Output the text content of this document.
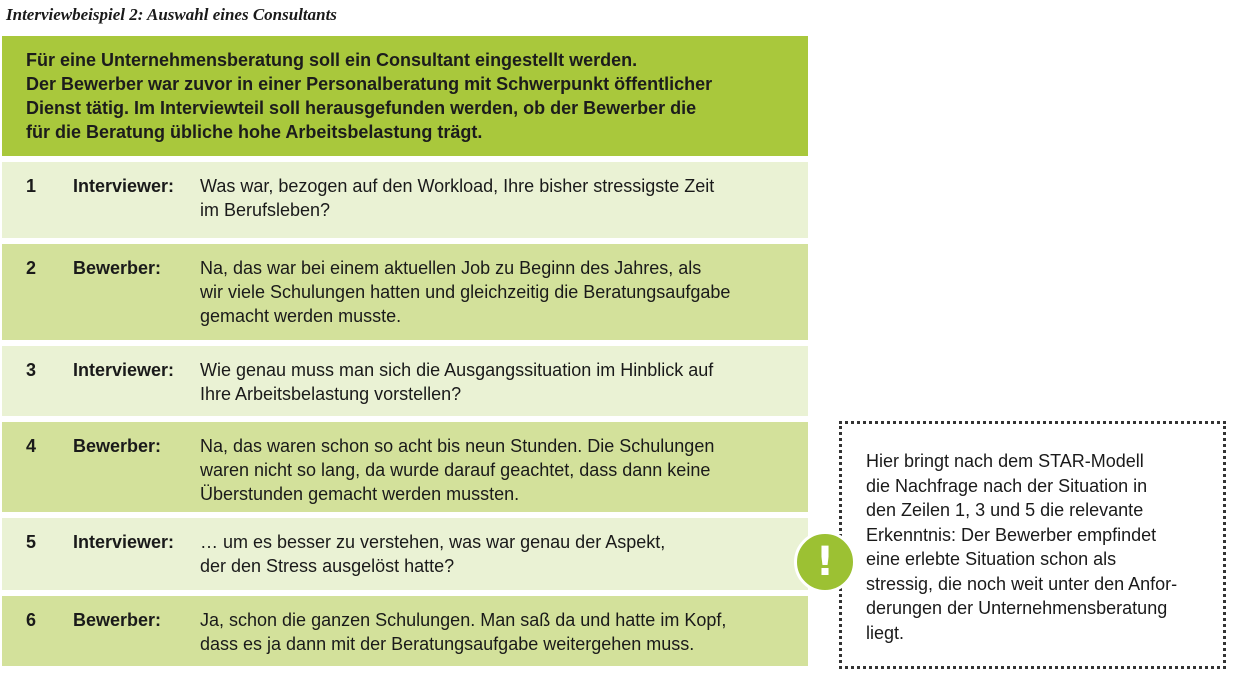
Interviewbeispiel 2: Auswahl eines Consultants

Für eine Unternehmensberatung soll ein Consultant eingestellt werden.

Der Bewerber war zuvor in einer Personalberatung mit Schwerpunkt öffentlicher

Dienst tätig. Im Interviewteil soll herausgefunden werden, ob der Bewerber die

für die Beratung übliche hohe Arbeitsbelastung trägt.

1	Interviewer:	Was war, bezogen auf den Workload, Ihre bisher stressigste Zeit

im Berufsleben?

2	Bewerber:	Na, das war bei einem aktuellen Job zu Beginn des Jahres, als

wir viele Schulungen hatten und gleichzeitig die Beratungsaufgabe

gemacht werden musste.

3	Interviewer:	Wie genau muss man sich die Ausgangssituation im Hinblick auf

Ihre Arbeitsbelastung vorstellen?

4	Bewerber:	Na, das waren schon so acht bis neun Stunden. Die Schulungen

waren nicht so lang, da wurde darauf geachtet, dass dann keine

Überstunden gemacht werden mussten.

5	Interviewer:	… um es besser zu verstehen, was war genau der Aspekt,

der den Stress ausgelöst hatte?

6	Bewerber:	Ja, schon die ganzen Schulungen. Man saß da und hatte im Kopf,

dass es ja dann mit der Beratungsaufgabe weitergehen muss.

Hier bringt nach dem STAR-Modell

die Nachfrage nach der Situation in

den Zeilen 1, 3 und 5 die relevante

Erkenntnis: Der Bewerber empfindet

eine erlebte Situation schon als

stressig, die noch weit unter den Anfor-

derungen der Unternehmensberatung

liegt.

!
